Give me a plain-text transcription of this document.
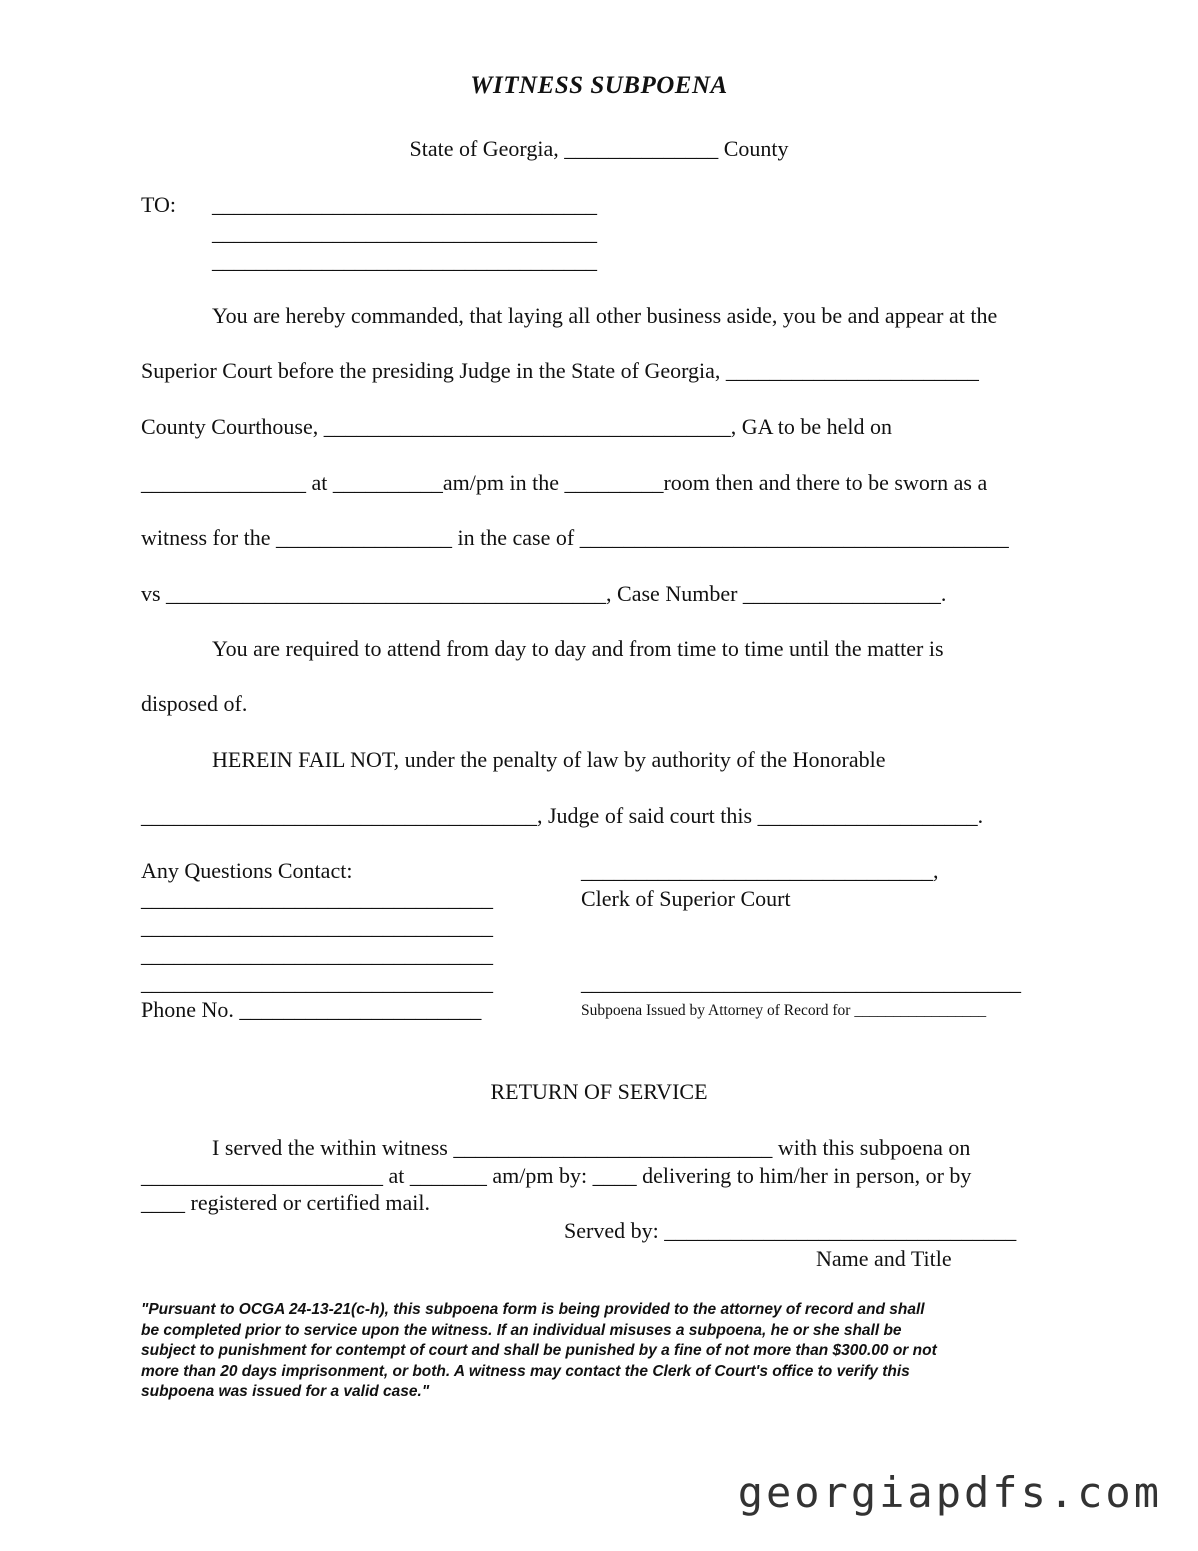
WITNESS SUBPOENA
State of Georgia, ______________ County
TO: ___________________________________
___________________________________
___________________________________
You are hereby commanded, that laying all other business aside, you be and appear at the
Superior Court before the presiding Judge in the State of Georgia, _______________________
County Courthouse, _____________________________________, GA to be held on
_______________ at __________am/pm in the _________room then and there to be sworn as a
witness for the ________________ in the case of _______________________________________
vs ________________________________________, Case Number __________________.
You are required to attend from day to day and from time to time until the matter is
disposed of.
HEREIN FAIL NOT, under the penalty of law by authority of the Honorable
____________________________________, Judge of said court this ____________________.
Any Questions Contact:
________________________________
________________________________
________________________________
________________________________
Phone No. ______________________
________________________________,
Clerk of Superior Court
________________________________________
Subpoena Issued by Attorney of Record for _________________
RETURN OF SERVICE
I served the within witness _____________________________ with this subpoena on
______________________ at _______ am/pm by: ____ delivering to him/her in person, or by
____ registered or certified mail.
Served by: ________________________________
Name and Title
"Pursuant to OCGA 24-13-21(c-h), this subpoena form is being provided to the attorney of record and shall
be completed prior to service upon the witness. If an individual misuses a subpoena, he or she shall be
subject to punishment for contempt of court and shall be punished by a fine of not more than $300.00 or not
more than 20 days imprisonment, or both. A witness may contact the Clerk of Court's office to verify this
subpoena was issued for a valid case."
georgiapdfs.com
